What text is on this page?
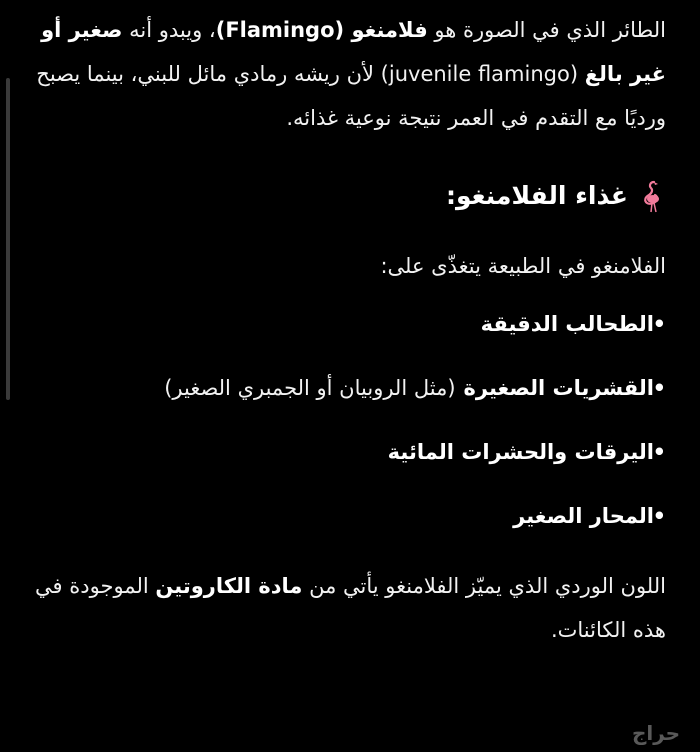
الطائر الذي في الصورة هو فلامنغو (Flamingo)، ويبدو أنه صغير أو غير بالغ (juvenile flamingo) لأن ريشه رمادي مائل للبني، بينما يصبح ورديًا مع التقدم في العمر نتيجة نوعية غذائه.

غذاء الفلامنغو:
الفلامنغو في الطبيعة يتغذّى على:
•
الطحالب الدقيقة
•
القشريات الصغيرة
(مثل الروبيان أو الجمبري الصغير)
•
اليرقات والحشرات المائية
•
المحار الصغير

اللون الوردي الذي يميّز الفلامنغو يأتي من مادة الكاروتين الموجودة في هذه الكائنات.

حراج
